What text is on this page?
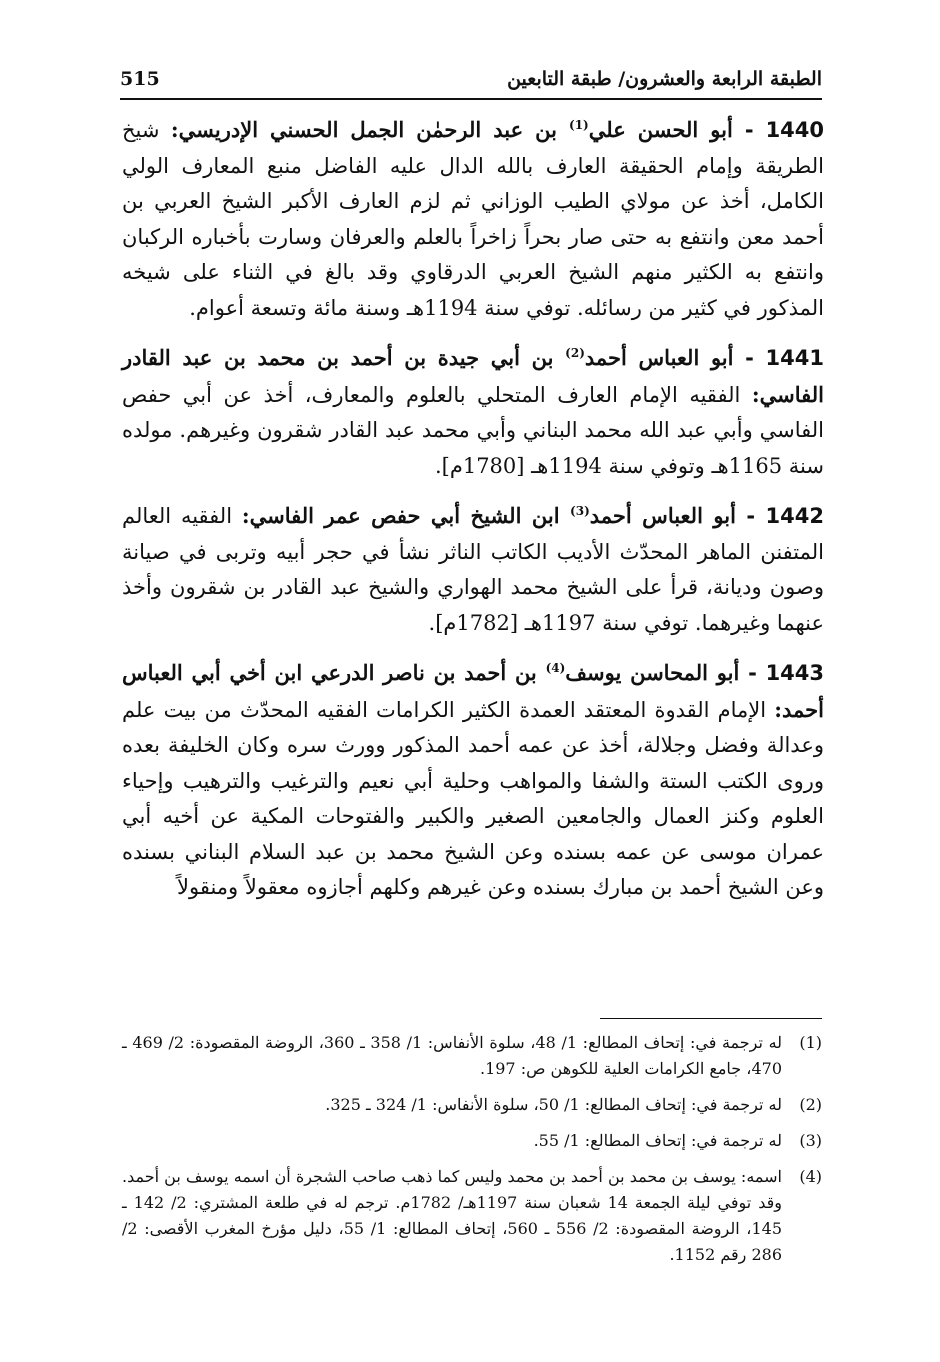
الطبقة الرابعة والعشرون/ طبقة التابعين
515

1440 - أبو الحسن علي$^{(1)}$ بن عبد الرحمٰن الجمل الحسني الإدريسي: شيخ الطريقة وإمام الحقيقة العارف بالله الدال عليه الفاضل منبع المعارف الولي الكامل، أخذ عن مولاي الطيب الوزاني ثم لزم العارف الأكبر الشيخ العربي بن أحمد معن وانتفع به حتى صار بحراً زاخراً بالعلم والعرفان وسارت بأخباره الركبان وانتفع به الكثير منهم الشيخ العربي الدرقاوي وقد بالغ في الثناء على شيخه المذكور في كثير من رسائله. توفي سنة 1194هـ وسنة مائة وتسعة أعوام.

1441 - أبو العباس أحمد$^{(2)}$ بن أبي جيدة بن أحمد بن محمد بن عبد القادر الفاسي: الفقيه الإمام العارف المتحلي بالعلوم والمعارف، أخذ عن أبي حفص الفاسي وأبي عبد الله محمد البناني وأبي محمد عبد القادر شقرون وغيرهم. مولده سنة 1165هـ وتوفي سنة 1194هـ [1780م].

1442 - أبو العباس أحمد$^{(3)}$ ابن الشيخ أبي حفص عمر الفاسي: الفقيه العالم المتفنن الماهر المحدّث الأديب الكاتب الناثر نشأ في حجر أبيه وتربى في صيانة وصون وديانة، قرأ على الشيخ محمد الهواري والشيخ عبد القادر بن شقرون وأخذ عنهما وغيرهما. توفي سنة 1197هـ [1782م].

1443 - أبو المحاسن يوسف$^{(4)}$ بن أحمد بن ناصر الدرعي ابن أخي أبي العباس أحمد: الإمام القدوة المعتقد العمدة الكثير الكرامات الفقيه المحدّث من بيت علم وعدالة وفضل وجلالة، أخذ عن عمه أحمد المذكور وورث سره وكان الخليفة بعده وروى الكتب الستة والشفا والمواهب وحلية أبي نعيم والترغيب والترهيب وإحياء العلوم وكنز العمال والجامعين الصغير والكبير والفتوحات المكية عن أخيه أبي عمران موسى عن عمه بسنده وعن الشيخ محمد بن عبد السلام البناني بسنده وعن الشيخ أحمد بن مبارك بسنده وعن غيرهم وكلهم أجازوه معقولاً ومنقولاً

(1)
له ترجمة في: إتحاف المطالع: 1/ 48، سلوة الأنفاس: 1/ 358 ـ 360، الروضة المقصودة: 2/ 469 ـ 470، جامع الكرامات العلية للكوهن ص: 197.
(2)
له ترجمة في: إتحاف المطالع: 1/ 50، سلوة الأنفاس: 1/ 324 ـ 325.
(3)
له ترجمة في: إتحاف المطالع: 1/ 55.
(4)
اسمه: يوسف بن محمد بن أحمد بن محمد وليس كما ذهب صاحب الشجرة أن اسمه يوسف بن أحمد. وقد توفي ليلة الجمعة 14 شعبان سنة 1197هـ/ 1782م. ترجم له في طلعة المشتري: 2/ 142 ـ 145، الروضة المقصودة: 2/ 556 ـ 560، إتحاف المطالع: 1/ 55، دليل مؤرخ المغرب الأقصى: 2/ 286 رقم 1152.
